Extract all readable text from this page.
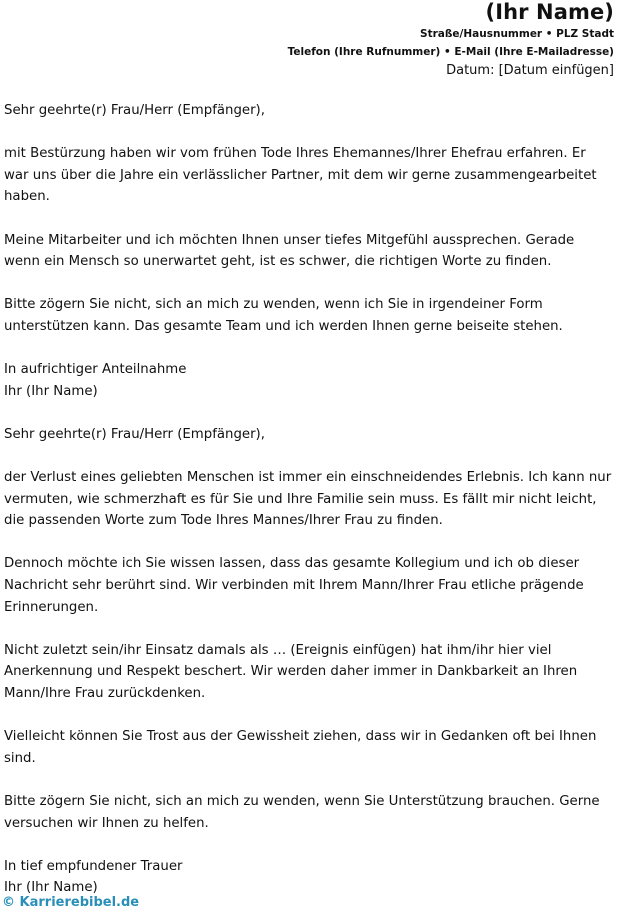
(Ihr Name)
Straße/Hausnummer • PLZ Stadt
Telefon (Ihre Rufnummer) • E-Mail (Ihre E-Mailadresse)
Datum: [Datum einfügen]

Sehr geehrte(r) Frau/Herr (Empfänger),

mit Bestürzung haben wir vom frühen Tode Ihres Ehemannes/Ihrer Ehefrau erfahren. Er war uns über die Jahre ein verlässlicher Partner, mit dem wir gerne zusammengearbeitet haben.

Meine Mitarbeiter und ich möchten Ihnen unser tiefes Mitgefühl aussprechen. Gerade wenn ein Mensch so unerwartet geht, ist es schwer, die richtigen Worte zu finden.

Bitte zögern Sie nicht, sich an mich zu wenden, wenn ich Sie in irgendeiner Form unterstützen kann. Das gesamte Team und ich werden Ihnen gerne beiseite stehen.

In aufrichtiger Anteilnahme
Ihr (Ihr Name)

Sehr geehrte(r) Frau/Herr (Empfänger),

der Verlust eines geliebten Menschen ist immer ein einschneidendes Erlebnis. Ich kann nur vermuten, wie schmerzhaft es für Sie und Ihre Familie sein muss. Es fällt mir nicht leicht, die passenden Worte zum Tode Ihres Mannes/Ihrer Frau zu finden.

Dennoch möchte ich Sie wissen lassen, dass das gesamte Kollegium und ich ob dieser Nachricht sehr berührt sind. Wir verbinden mit Ihrem Mann/Ihrer Frau etliche prägende Erinnerungen.

Nicht zuletzt sein/ihr Einsatz damals als … (Ereignis einfügen) hat ihm/ihr hier viel Anerkennung und Respekt beschert. Wir werden daher immer in Dankbarkeit an Ihren Mann/Ihre Frau zurückdenken.

Vielleicht können Sie Trost aus der Gewissheit ziehen, dass wir in Gedanken oft bei Ihnen sind.

Bitte zögern Sie nicht, sich an mich zu wenden, wenn Sie Unterstützung brauchen. Gerne versuchen wir Ihnen zu helfen.

In tief empfundener Trauer
Ihr (Ihr Name)
© Karrierebibel.de
